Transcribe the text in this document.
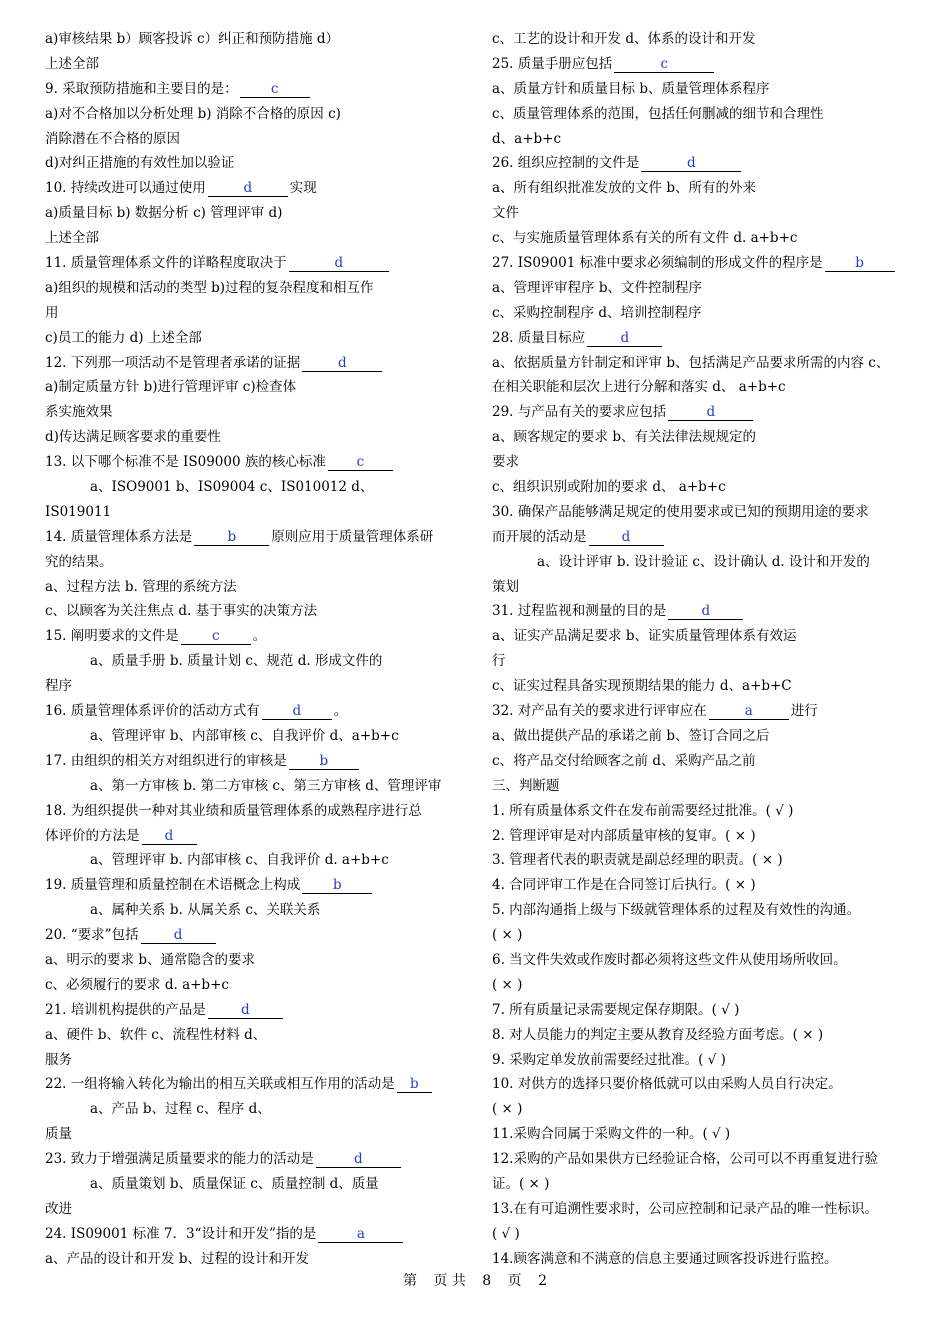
a)审核结果 b）顾客投诉 c）纠正和预防措施 d）
上述全部
9. 采取预防措施和主要目的是： c
a)对不合格加以分析处理 b) 消除不合格的原因 c)
消除潜在不合格的原因
d)对纠正措施的有效性加以验证
10. 持续改进可以通过使用	d	实现
a)质量目标 b) 数据分析 c) 管理评审 d)
上述全部
11. 质量管理体系文件的详略程度取决于	d
a)组织的规模和活动的类型 b)过程的复杂程度和相互作
用
c)员工的能力 d) 上述全部
12. 下列那一项活动不是管理者承诺的证据	d
a)制定质量方针 b)进行管理评审 c)检查体
系实施效果
d)传达满足顾客要求的重要性
13. 以下哪个标准不是 IS09000 族的核心标准 c
a、ISO9001 b、IS09004 c、IS010012 d、
IS019011
14. 质量管理体系方法是	b	原则应用于质量管理体系研
究的结果。
a、过程方法 b. 管理的系统方法
c、以顾客为关注焦点 d. 基于事实的决策方法
15. 阐明要求的文件是 c 。
a、质量手册 b. 质量计划 c、规范 d. 形成文件的
程序
16. 质量管理体系评价的活动方式有 d 。
a、管理评审 b、内部审核 c、自我评价 d、a+b+c
17. 由组织的相关方对组织进行的审核是 b
a、第一方审核 b. 第二方审核 c、第三方审核 d、管理评审
18. 为组织提供一种对其业绩和质量管理体系的成熟程序进行总
体评价的方法是 d
a、管理评审 b. 内部审核 c、自我评价 d. a+b+c
19. 质量管理和质量控制在术语概念上构成 b
a、属种关系 b. 从属关系 c、关联关系
20. “要求”包括	d
a、明示的要求 b、通常隐含的要求
c、必须履行的要求 d. a+b+c
21. 培训机构提供的产品是	d
a、硬件 b、软件 c、流程性材料 d、
服务
22. 一组将输入转化为输出的相互关联或相互作用的活动是 b
a、产品 b、过程 c、程序 d、
质量
23. 致力于增强满足质量要求的能力的活动是	d
a、质量策划 b、质量保证 c、质量控制 d、质量
改进
24. IS09001 标准 7．3“设计和开发”指的是	a
a、产品的设计和开发 b、过程的设计和开发
c、工艺的设计和开发 d、体系的设计和开发
25. 质量手册应包括	c
a、质量方针和质量目标 b、质量管理体系程序
c、质量管理体系的范围，包括任何删减的细节和合理性
d、a+b+c
26. 组织应控制的文件是	d
a、所有组织批准发放的文件 b、所有的外来
文件
c、与实施质量管理体系有关的所有文件 d. a+b+c
27. IS09001 标准中要求必须编制的形成文件的程序是 b
a、管理评审程序 b、文件控制程序
c、采购控制程序 d、培训控制程序
28. 质量目标应	d
a、依据质量方针制定和评审 b、包括满足产品要求所需的内容 c、
在相关职能和层次上进行分解和落实 d、 a+b+c
29. 与产品有关的要求应包括	d
a、顾客规定的要求 b、有关法律法规规定的
要求
c、组织识别或附加的要求 d、 a+b+c
30. 确保产品能够满足规定的使用要求或已知的预期用途的要求
而开展的活动是	d
a、设计评审 b. 设计验证 c、设计确认 d. 设计和开发的
策划
31. 过程监视和测量的目的是	d
a、证实产品满足要求 b、证实质量管理体系有效运
行
c、证实过程具备实现预期结果的能力 d、a+b+C
32. 对产品有关的要求进行评审应在	a	进行
a、做出提供产品的承诺之前 b、签订合同之后
c、将产品交付给顾客之前 d、采购产品之前
三、判断题
1. 所有质量体系文件在发布前需要经过批准。( √ )
2. 管理评审是对内部质量审核的复审。( × )
3. 管理者代表的职责就是副总经理的职责。( × )
4. 合同评审工作是在合同签订后执行。( × )
5. 内部沟通指上级与下级就管理体系的过程及有效性的沟通。
( × )
6. 当文件失效或作废时都必须将这些文件从使用场所收回。
( × )
7. 所有质量记录需要规定保存期限。( √ )
8. 对人员能力的判定主要从教育及经验方面考虑。( × )
9. 采购定单发放前需要经过批准。( √ )
10. 对供方的选择只要价格低就可以由采购人员自行决定。
( × )
11.采购合同属于采购文件的一种。( √ )
12.采购的产品如果供方已经验证合格，公司可以不再重复进行验
证。( × )
13.在有可追溯性要求时，公司应控制和记录产品的唯一性标识。
( √ )
14.顾客满意和不满意的信息主要通过顾客投诉进行监控。
第 页 共 8 页 2
